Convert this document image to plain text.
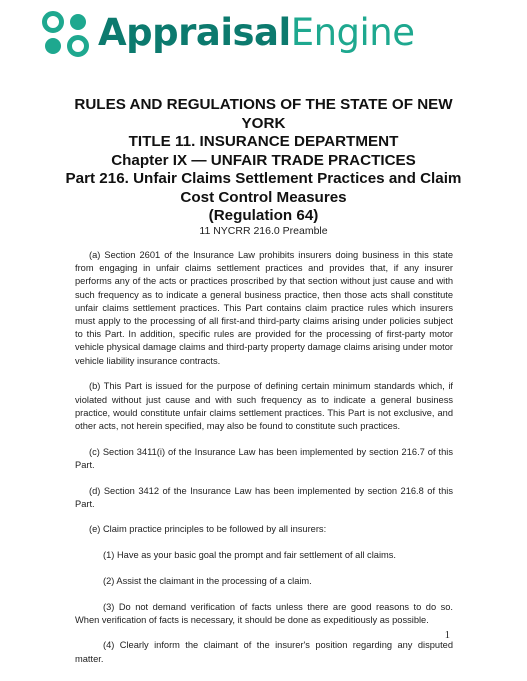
AppraisalEngine
RULES AND REGULATIONS OF THE STATE OF NEW
YORK
TITLE 11. INSURANCE DEPARTMENT
Chapter IX — UNFAIR TRADE PRACTICES
Part 216. Unfair Claims Settlement Practices and Claim
Cost Control Measures
(Regulation 64)
11 NYCRR 216.0 Preamble

(a) Section 2601 of the Insurance Law prohibits insurers doing business in this state from engaging in unfair claims settlement practices and provides that, if any insurer performs any of the acts or practices proscribed by that section without just cause and with such frequency as to indicate a general business practice, then those acts shall constitute unfair claims settlement practices. This Part contains claim practice rules which insurers must apply to the processing of all first-and third-party claims arising under policies subject to this Part. In addition, specific rules are provided for the processing of first-party motor vehicle physical damage claims and third-party property damage claims arising under motor vehicle liability insurance contracts.

(b) This Part is issued for the purpose of defining certain minimum standards which, if violated without just cause and with such frequency as to indicate a general business practice, would constitute unfair claims settlement practices. This Part is not exclusive, and other acts, not herein specified, may also be found to constitute such practices.

(c) Section 3411(i) of the Insurance Law has been implemented by section 216.7 of this Part.

(d) Section 3412 of the Insurance Law has been implemented by section 216.8 of this Part.

(e) Claim practice principles to be followed by all insurers:

(1) Have as your basic goal the prompt and fair settlement of all claims.

(2) Assist the claimant in the processing of a claim.

(3) Do not demand verification of facts unless there are good reasons to do so. When verification of facts is necessary, it should be done as expeditiously as possible.

(4) Clearly inform the claimant of the insurer's position regarding any disputed matter.

1
